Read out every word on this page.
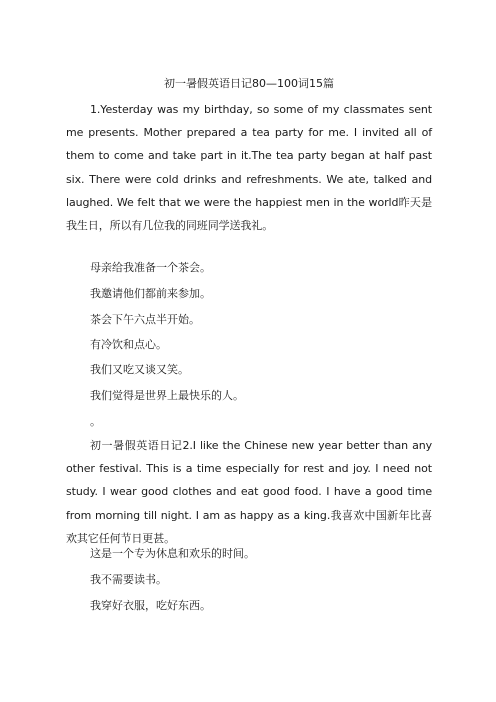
初一暑假英语日记80—100词15篇
1.Yesterday was my birthday, so some of my classmates sent me presents. Mother prepared a tea party for me. I invited all of them to come and take part in it.The tea party began at half past six. There were cold drinks and refreshments. We ate, talked and laughed. We felt that we were the happiest men in the world昨天是我生日，所以有几位我的同班同学送我礼。
母亲给我准备一个茶会。
我邀请他们都前来参加。
茶会下午六点半开始。
有冷饮和点心。
我们又吃又谈又笑。
我们觉得是世界上最快乐的人。
。
初一暑假英语日记2.I like the Chinese new year better than any other festival. This is a time especially for rest and joy. I need not study. I wear good clothes and eat good food. I have a good time from morning till night. I am as happy as a king.我喜欢中国新年比喜欢其它任何节日更甚。
这是一个专为休息和欢乐的时间。
我不需要读书。
我穿好衣服，吃好东西。
